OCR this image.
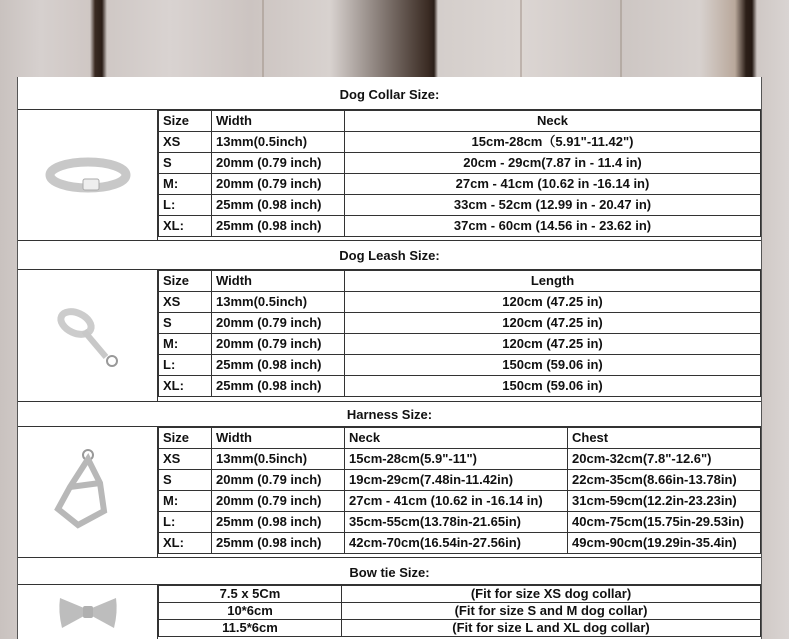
Dog Collar Size:
Size	Width	Neck
XS	13mm(0.5inch)	15cm-28cm（5.91"-11.42")
S	20mm (0.79 inch)	20cm - 29cm(7.87 in - 11.4 in)
M:	20mm (0.79 inch)	27cm - 41cm (10.62 in -16.14 in)
L:	25mm (0.98 inch)	33cm - 52cm (12.99 in - 20.47 in)
XL:	25mm (0.98 inch)	37cm - 60cm (14.56 in - 23.62 in)
Dog Leash Size:
Size	Width	Length
XS	13mm(0.5inch)	120cm (47.25 in)
S	20mm (0.79 inch)	120cm (47.25 in)
M:	20mm (0.79 inch)	120cm (47.25 in)
L:	25mm (0.98 inch)	150cm (59.06 in)
XL:	25mm (0.98 inch)	150cm (59.06 in)
Harness Size:
Size	Width	Neck	Chest
XS	13mm(0.5inch)	15cm-28cm(5.9"-11")	20cm-32cm(7.8"-12.6")
S	20mm (0.79 inch)	19cm-29cm(7.48in-11.42in)	22cm-35cm(8.66in-13.78in)
M:	20mm (0.79 inch)	27cm - 41cm (10.62 in -16.14 in)	31cm-59cm(12.2in-23.23in)
L:	25mm (0.98 inch)	35cm-55cm(13.78in-21.65in)	40cm-75cm(15.75in-29.53in)
XL:	25mm (0.98 inch)	42cm-70cm(16.54in-27.56in)	49cm-90cm(19.29in-35.4in)
Bow tie Size:
7.5 x 5Cm	(Fit for size XS dog collar)
10*6cm	(Fit for size S and M dog collar)
11.5*6cm	(Fit for size L and XL dog collar)
